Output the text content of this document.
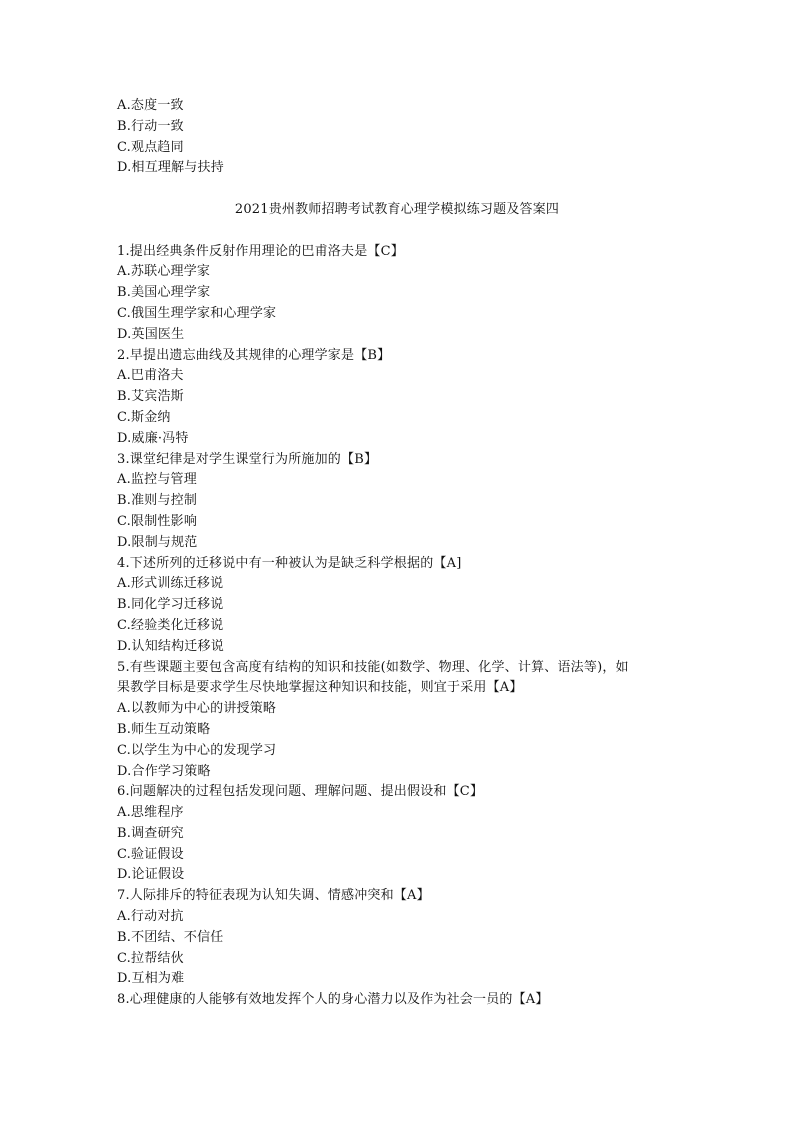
A.态度一致
B.行动一致
C.观点趋同
D.相互理解与扶持
2021贵州教师招聘考试教育心理学模拟练习题及答案四
1.提出经典条件反射作用理论的巴甫洛夫是【C】
A.苏联心理学家
B.美国心理学家
C.俄国生理学家和心理学家
D.英国医生
2.早提出遗忘曲线及其规律的心理学家是【B】
A.巴甫洛夫
B.艾宾浩斯
C.斯金纳
D.威廉·冯特
3.课堂纪律是对学生课堂行为所施加的【B】
A.监控与管理
B.准则与控制
C.限制性影响
D.限制与规范
4.下述所列的迁移说中有一种被认为是缺乏科学根据的【A]
A.形式训练迁移说
B.同化学习迁移说
C.经验类化迁移说
D.认知结构迁移说
5.有些课题主要包含高度有结构的知识和技能(如数学、物理、化学、计算、语法等)，如
果教学目标是要求学生尽快地掌握这种知识和技能，则宜于采用【A】
A.以教师为中心的讲授策略
B.师生互动策略
C.以学生为中心的发现学习
D.合作学习策略
6.问题解决的过程包括发现问题、理解问题、提出假设和【C】
A.思维程序
B.调查研究
C.验证假设
D.论证假设
7.人际排斥的特征表现为认知失调、情感冲突和【A】
A.行动对抗
B.不团结、不信任
C.拉帮结伙
D.互相为难
8.心理健康的人能够有效地发挥个人的身心潜力以及作为社会一员的【A】
